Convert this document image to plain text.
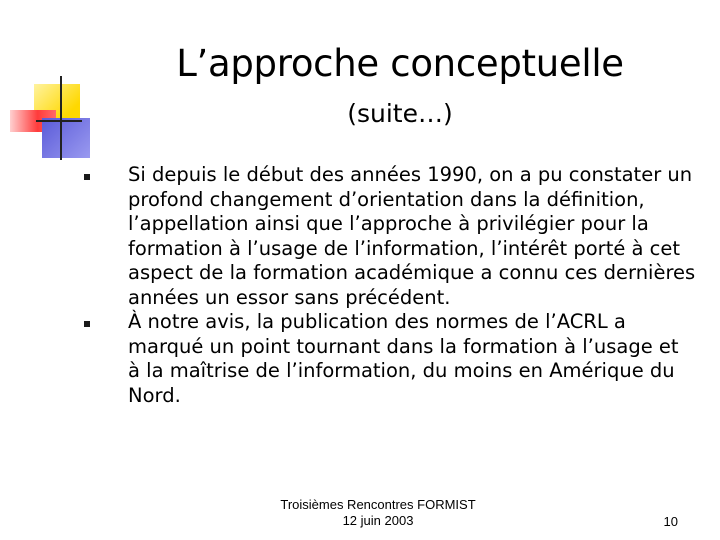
L’approche conceptuelle
(suite…)
Si depuis le début des années 1990, on a pu constater un profond changement d’orientation dans la définition, l’appellation ainsi que l’approche à privilégier pour la formation à l’usage de l’information, l’intérêt porté à cet aspect de la formation académique a connu ces dernières années un essor sans précédent.
À notre avis, la publication des normes de l’ACRL a marqué un point tournant dans la formation à l’usage et à la maîtrise de l’information, du moins en Amérique du Nord.
Troisièmes Rencontres FORMIST
12 juin 2003	10
